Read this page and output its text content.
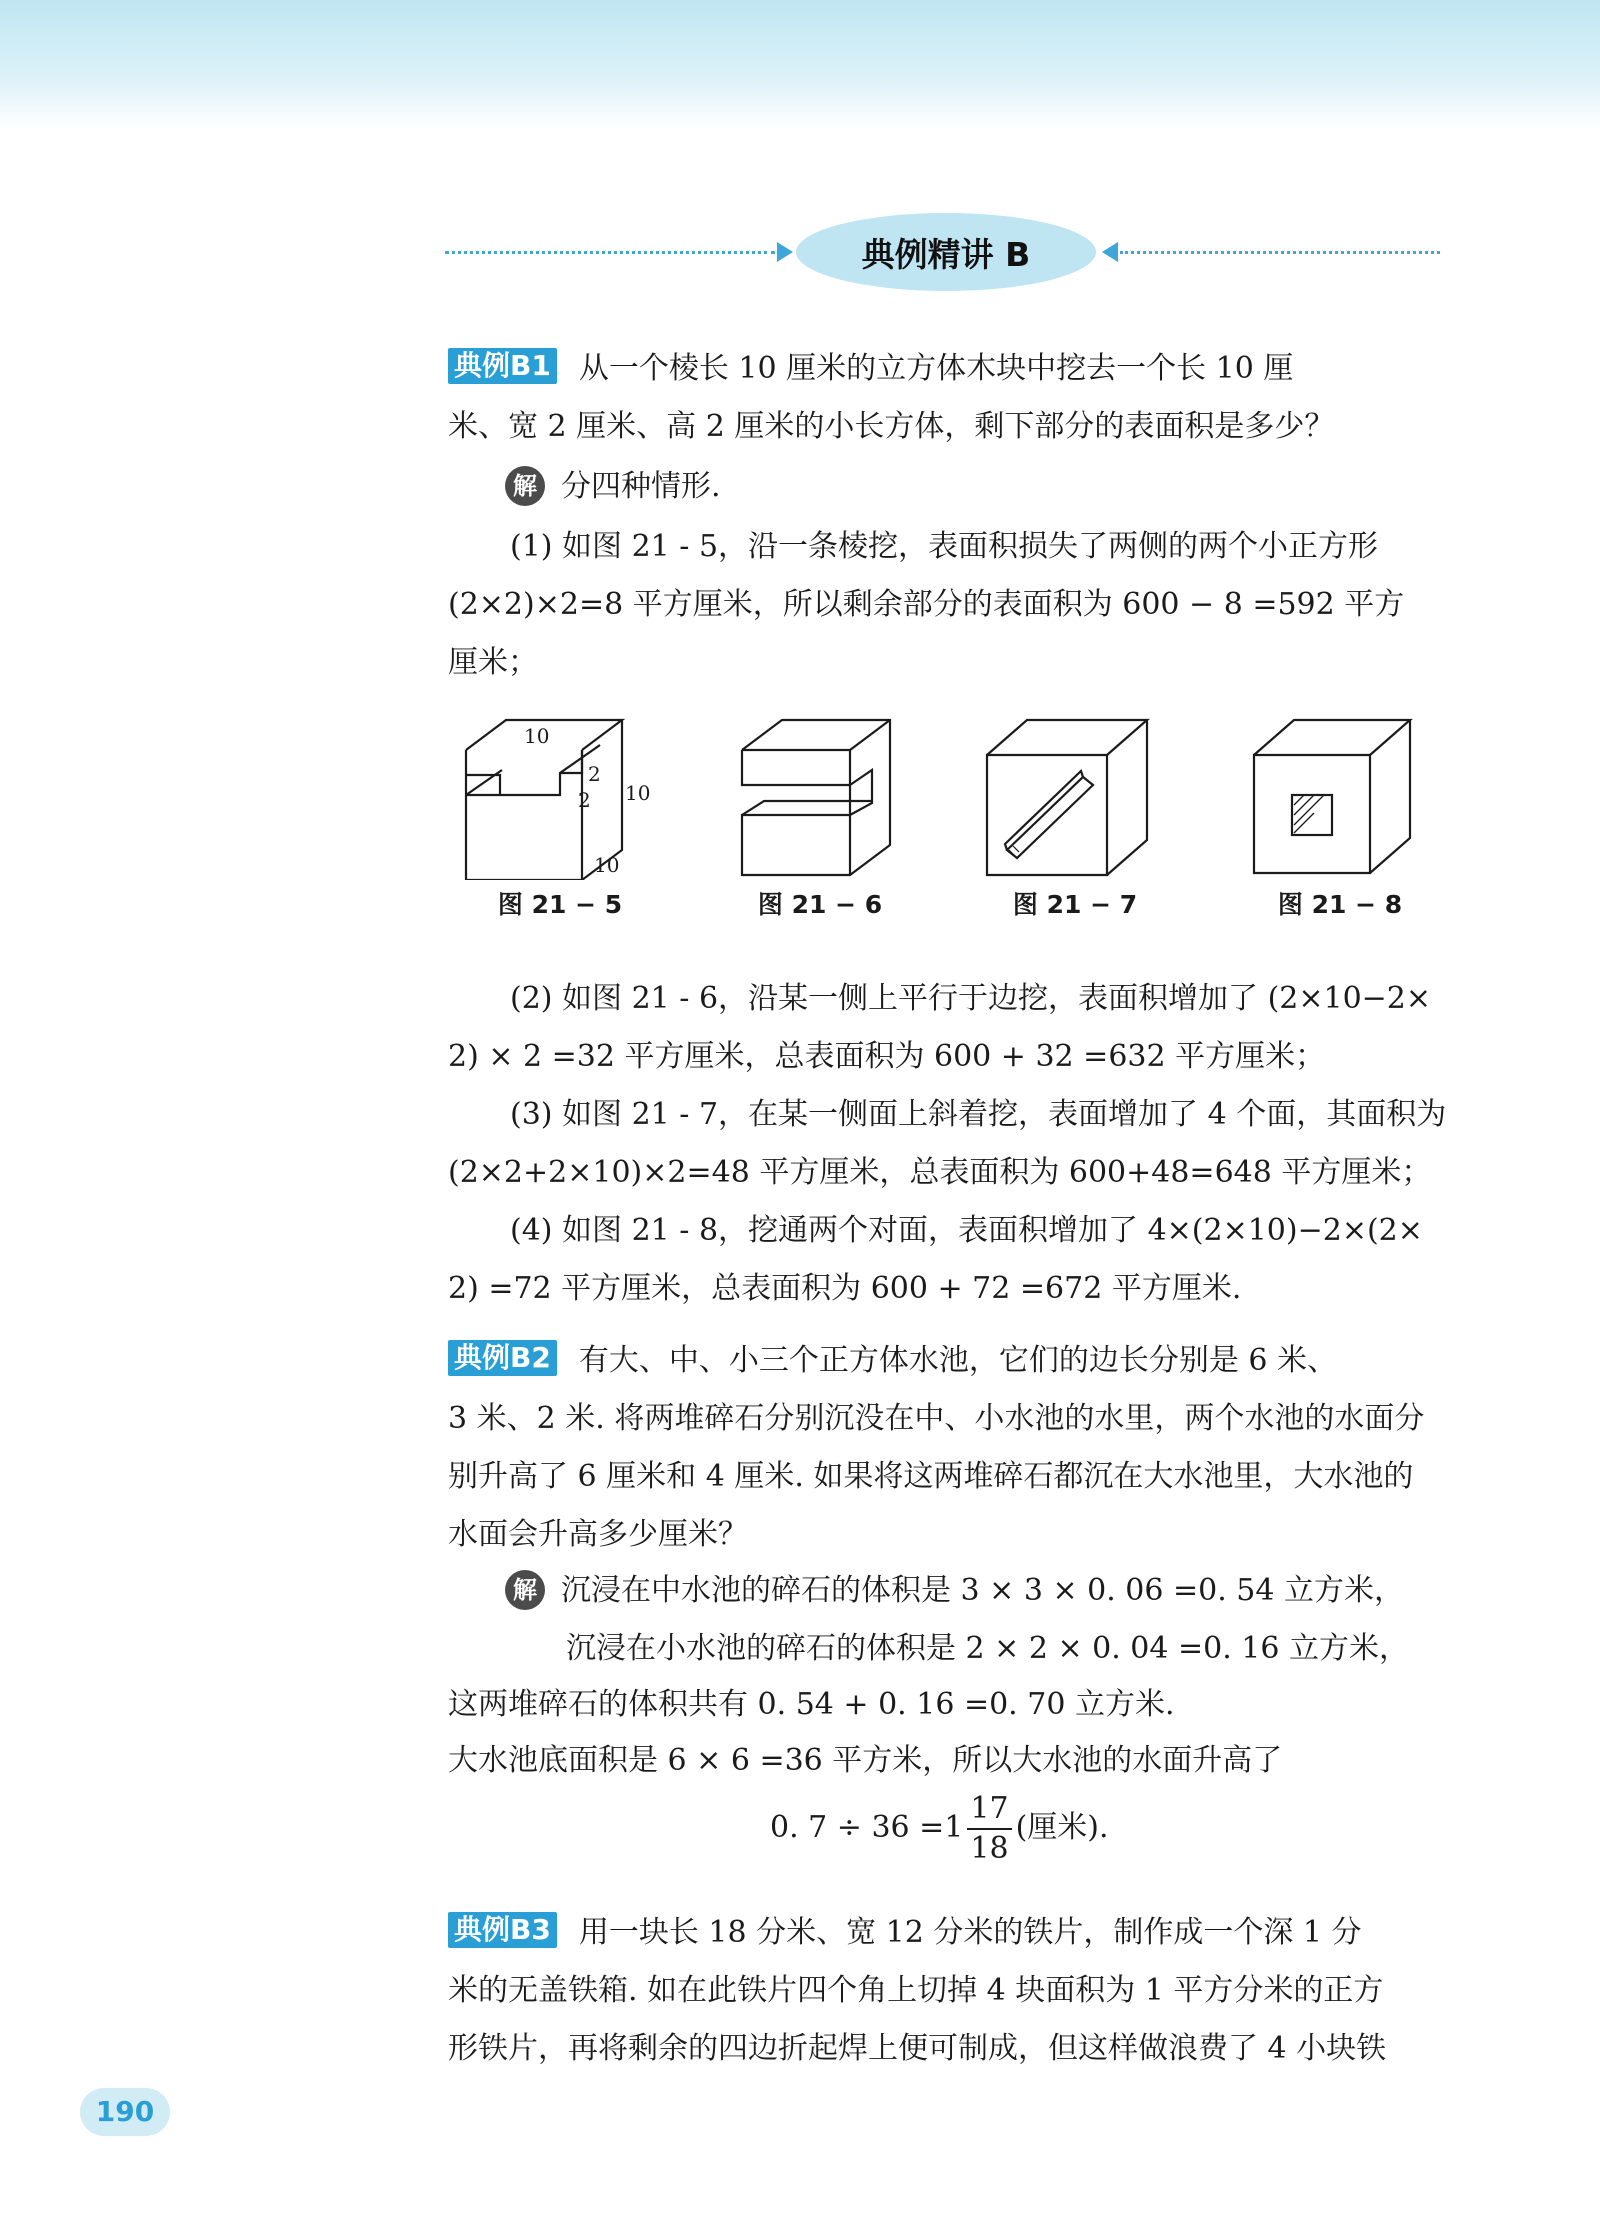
典例精讲 B

典例B1 从一个棱长 10 厘米的立方体木块中挖去一个长 10 厘

米、宽 2 厘米、高 2 厘米的小长方体，剩下部分的表面积是多少？

解 分四种情形.

(1) 如图 21 - 5，沿一条棱挖，表面积损失了两侧的两个小正方形

(2×2)×2=8 平方厘米，所以剩余部分的表面积为 600 − 8 =592 平方

厘米；

10
2
2 10
10
图 21 − 5	图 21 − 6	图 21 − 7	图 21 − 8

(2) 如图 21 - 6，沿某一侧上平行于边挖，表面积增加了 (2×10−2×

2) × 2 =32 平方厘米，总表面积为 600 + 32 =632 平方厘米；

(3) 如图 21 - 7，在某一侧面上斜着挖，表面增加了 4 个面，其面积为

(2×2+2×10)×2=48 平方厘米，总表面积为 600+48=648 平方厘米；

(4) 如图 21 - 8，挖通两个对面，表面积增加了 4×(2×10)−2×(2×

2) =72 平方厘米，总表面积为 600 + 72 =672 平方厘米.

典例B2 有大、中、小三个正方体水池，它们的边长分别是 6 米、

3 米、2 米. 将两堆碎石分别沉没在中、小水池的水里，两个水池的水面分

别升高了 6 厘米和 4 厘米. 如果将这两堆碎石都沉在大水池里，大水池的

水面会升高多少厘米？

解 沉浸在中水池的碎石的体积是 3 × 3 × 0. 06 =0. 54 立方米，

沉浸在小水池的碎石的体积是 2 × 2 × 0. 04 =0. 16 立方米，

这两堆碎石的体积共有 0. 54 + 0. 16 =0. 70 立方米.

大水池底面积是 6 × 6 =36 平方米，所以大水池的水面升高了

0. $7 \div 36 =1 \frac{17}{18}$ (厘米).

典例B3 用一块长 18 分米、宽 12 分米的铁片，制作成一个深 1 分

米的无盖铁箱. 如在此铁片四个角上切掉 4 块面积为 1 平方分米的正方

形铁片，再将剩余的四边折起焊上便可制成，但这样做浪费了 4 小块铁

190
